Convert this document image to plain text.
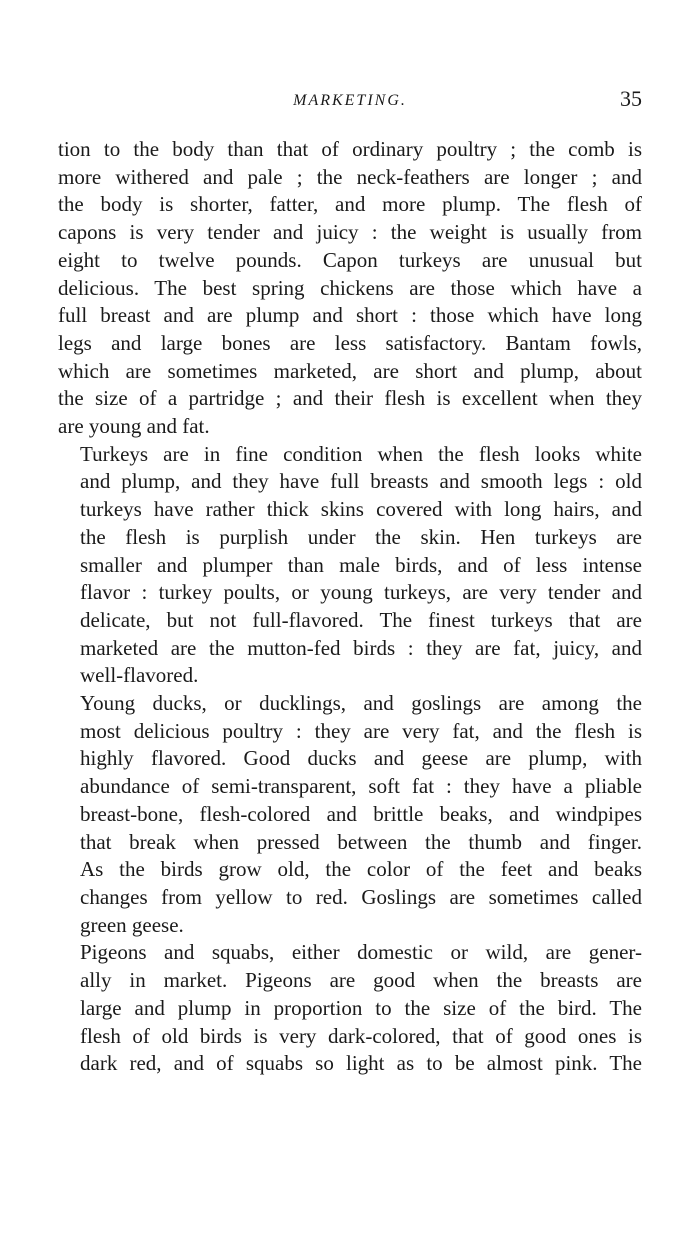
MARKETING.	35

tion to the body than that of ordinary poultry ; the comb is
more withered and pale ; the neck-feathers are longer ; and
the body is shorter, fatter, and more plump. The flesh of
capons is very tender and juicy : the weight is usually from
eight to twelve pounds. Capon turkeys are unusual but
delicious. The best spring chickens are those which have a
full breast and are plump and short : those which have long
legs and large bones are less satisfactory. Bantam fowls,
which are sometimes marketed, are short and plump, about
the size of a partridge ; and their flesh is excellent when they
are young and fat.

Turkeys are in fine condition when the flesh looks white
and plump, and they have full breasts and smooth legs : old
turkeys have rather thick skins covered with long hairs, and
the flesh is purplish under the skin. Hen turkeys are
smaller and plumper than male birds, and of less intense
flavor : turkey poults, or young turkeys, are very tender and
delicate, but not full-flavored. The finest turkeys that are
marketed are the mutton-fed birds : they are fat, juicy, and
well-flavored.

Young ducks, or ducklings, and goslings are among the
most delicious poultry : they are very fat, and the flesh is
highly flavored. Good ducks and geese are plump, with
abundance of semi-transparent, soft fat : they have a pliable
breast-bone, flesh-colored and brittle beaks, and windpipes
that break when pressed between the thumb and finger.
As the birds grow old, the color of the feet and beaks
changes from yellow to red. Goslings are sometimes called
green geese.

Pigeons and squabs, either domestic or wild, are gener-
ally in market. Pigeons are good when the breasts are
large and plump in proportion to the size of the bird. The
flesh of old birds is very dark-colored, that of good ones is
dark red, and of squabs so light as to be almost pink. The
